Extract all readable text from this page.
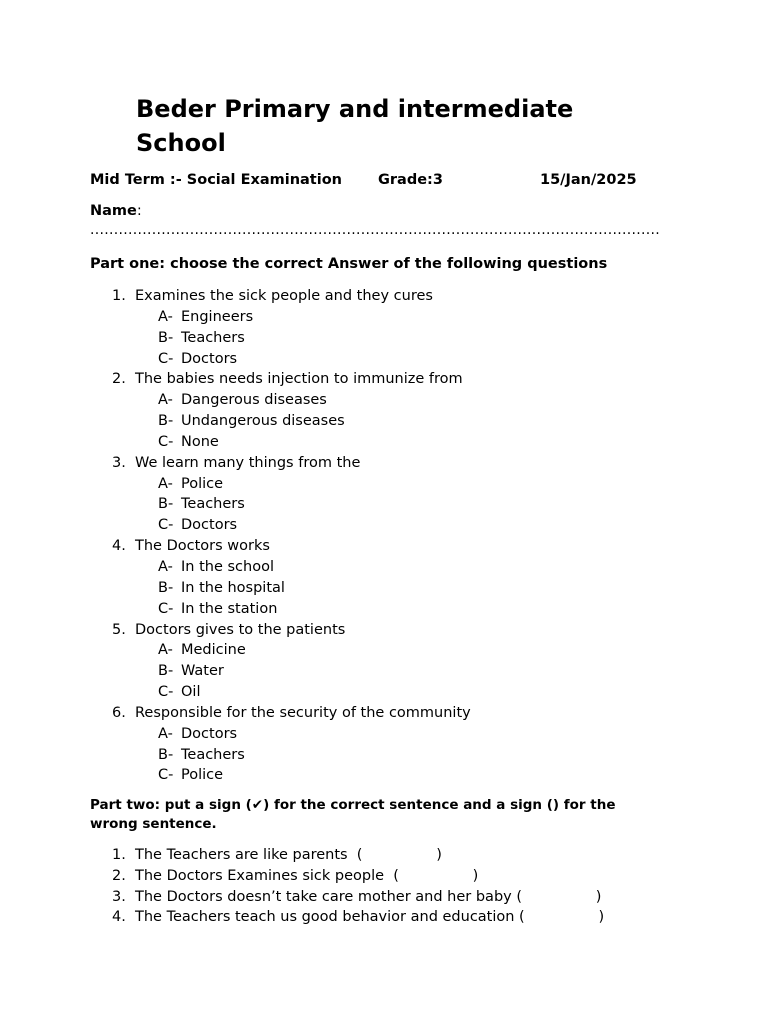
Beder Primary and intermediate School
Mid Term :- Social Examination Grade:3	15/Jan/2025
Name:
........................................................................................................................
Part one: choose the correct Answer of the following questions
1. Examines the sick people and they cures
A- Engineers
B- Teachers
C- Doctors
2. The babies needs injection to immunize from
A- Dangerous diseases
B- Undangerous diseases
C- None
3. We learn many things from the
A- Police
B- Teachers
C- Doctors
4. The Doctors works
A- In the school
B- In the hospital
C- In the station
5. Doctors gives to the patients
A- Medicine
B- Water
C- Oil
6. Responsible for the security of the community
A- Doctors
B- Teachers
C- Police
Part two: put a sign (✔) for the correct sentence and a sign () for the wrong sentence.
1. The Teachers are like parents  (                )
2. The Doctors Examines sick people  (                )
3. The Doctors doesn’t take care mother and her baby (                )
4. The Teachers teach us good behavior and education (                )
